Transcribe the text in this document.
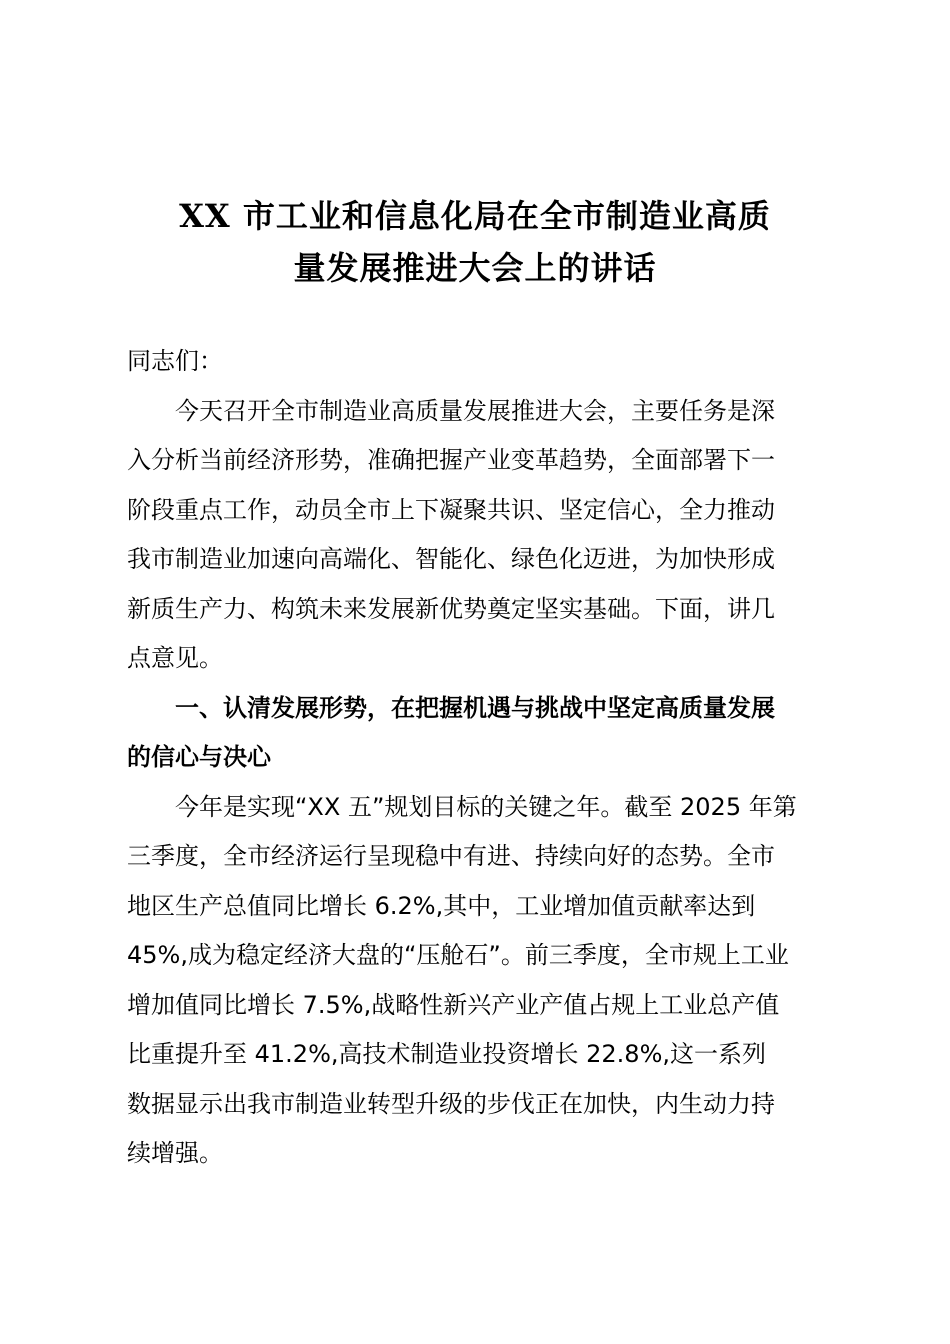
XX 市工业和信息化局在全市制造业高质
量发展推进大会上的讲话

同志们：

今天召开全市制造业高质量发展推进大会，主要任务是深
入分析当前经济形势，准确把握产业变革趋势，全面部署下一
阶段重点工作，动员全市上下凝聚共识、坚定信心，全力推动
我市制造业加速向高端化、智能化、绿色化迈进，为加快形成
新质生产力、构筑未来发展新优势奠定坚实基础。下面，讲几
点意见。

一、认清发展形势，在把握机遇与挑战中坚定高质量发展
的信心与决心

今年是实现“XX 五”规划目标的关键之年。截至 2025 年第
三季度，全市经济运行呈现稳中有进、持续向好的态势。全市
地区生产总值同比增长 6.2%,其中，工业增加值贡献率达到
45%,成为稳定经济大盘的“压舱石”。前三季度，全市规上工业
增加值同比增长 7.5%,战略性新兴产业产值占规上工业总产值
比重提升至 41.2%,高技术制造业投资增长 22.8%,这一系列
数据显示出我市制造业转型升级的步伐正在加快，内生动力持
续增强。
